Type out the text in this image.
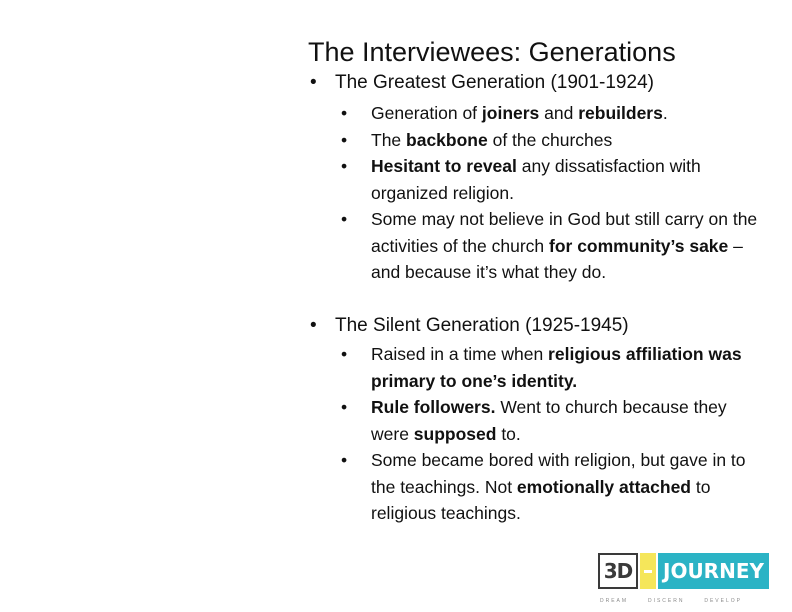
The Interviewees: Generations
• The Greatest Generation (1901-1924)
• Generation of joiners and rebuilders.
• The backbone of the churches
• Hesitant to reveal any dissatisfaction with organized religion.
• Some may not believe in God but still carry on the activities of the church for community’s sake – and because it’s what they do.
• The Silent Generation (1925-1945)
• Raised in a time when religious affiliation was primary to one’s identity.
• Rule followers. Went to church because they were supposed to.
• Some became bored with religion, but gave in to the teachings. Not emotionally attached to religious teachings.
3D JOURNEY
DREAM	DISCERN	DEVELOP
